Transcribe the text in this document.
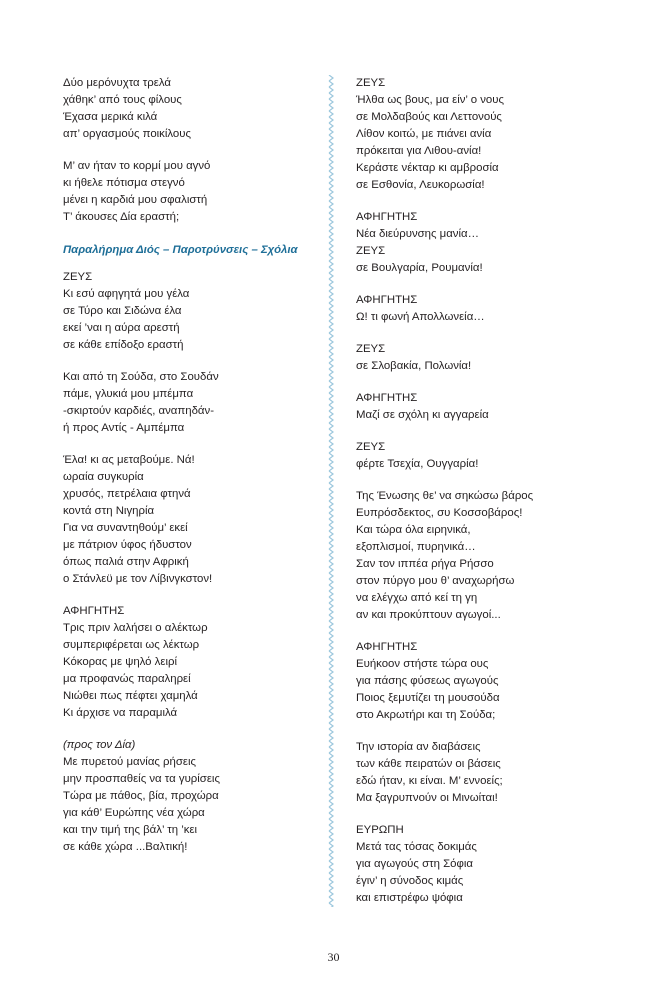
Δύο μερόνυχτα τρελά
χάθηκ’ από τους φίλους
Έχασα μερικά κιλά
απ’ οργασμούς ποικίλους
Μ’ αν ήταν το κορμί μου αγνό
κι ήθελε πότισμα στεγνό
μένει η καρδιά μου σφαλιστή
Τ’ άκουσες Δία εραστή;
Παραλήρημα Διός – Παροτρύνσεις – Σχόλια
ΖΕΥΣ
Κι εσύ αφηγητά μου γέλα
σε Τύρο και Σιδώνα έλα
εκεί ’ναι η αύρα αρεστή
σε κάθε επίδοξο εραστή
Και από τη Σούδα, στο Σουδάν
πάμε, γλυκιά μου μπέμπα
-σκιρτούν καρδιές, αναπηδάν-
ή προς Αντίς - Αμπέμπα
Έλα! κι ας μεταβούμε. Νά!
ωραία συγκυρία
χρυσός, πετρέλαια φτηνά
κοντά στη Νιγηρία
Για να συναντηθούμ’ εκεί
με πάτριον ύφος ήδυστον
όπως παλιά στην Αφρική
ο Στάνλεϋ με τον Λίβινγκστον!
ΑΦΗΓΗΤΗΣ
Τρις πριν λαλήσει ο αλέκτωρ
συμπεριφέρεται ως λέκτωρ
Κόκορας με ψηλό λειρί
μα προφανώς παραληρεί
Νιώθει πως πέφτει χαμηλά
Κι άρχισε να παραμιλά
(προς τον Δία)
Με πυρετού μανίας ρήσεις
μην προσπαθείς να τα γυρίσεις
Τώρα με πάθος, βία, προχώρα
για κάθ’ Ευρώπης νέα χώρα
και την τιμή της βάλ’ τη ’κει
σε κάθε χώρα ...Βαλτική!
ΖΕΥΣ
Ήλθα ως βους, μα είν’ ο νους
σε Μολδαβούς και Λεττονούς
Λίθον κοιτώ, με πιάνει ανία
πρόκειται για Λιθου-ανία!
Κεράστε νέκταρ κι αμβροσία
σε Εσθονία, Λευκορωσία!
ΑΦΗΓΗΤΗΣ
Νέα διεύρυνσης μανία…
ΖΕΥΣ
σε Βουλγαρία, Ρουμανία!
ΑΦΗΓΗΤΗΣ
Ω! τι φωνή Απολλωνεία…
ΖΕΥΣ
σε Σλοβακία, Πολωνία!
ΑΦΗΓΗΤΗΣ
Μαζί σε σχόλη κι αγγαρεία
ΖΕΥΣ
φέρτε Τσεχία, Ουγγαρία!
Της Ένωσης θε’ να σηκώσω βάρος
Ευπρόσδεκτος, συ Κοσσοβάρος!
Και τώρα όλα ειρηνικά,
εξοπλισμοί, πυρηνικά…
Σαν τον ιππέα ρήγα Ρήσσο
στον πύργο μου θ’ αναχωρήσω
να ελέγχω από κεί τη γη
αν και προκύπτουν αγωγοί...
ΑΦΗΓΗΤΗΣ
Ευήκοον στήστε τώρα ους
για πάσης φύσεως αγωγούς
Ποιος ξεμυτίζει τη μουσούδα
στο Ακρωτήρι και τη Σούδα;
Την ιστορία αν διαβάσεις
των κάθε πειρατών οι βάσεις
εδώ ήταν, κι είναι. Μ’ εννοείς;
Μα ξαγρυπνούν οι Μινωίται!
ΕΥΡΩΠΗ
Μετά τας τόσας δοκιμάς
για αγωγούς στη Σόφια
έγιν’ η σύνοδος κιμάς
και επιστρέφω ψόφια
30
